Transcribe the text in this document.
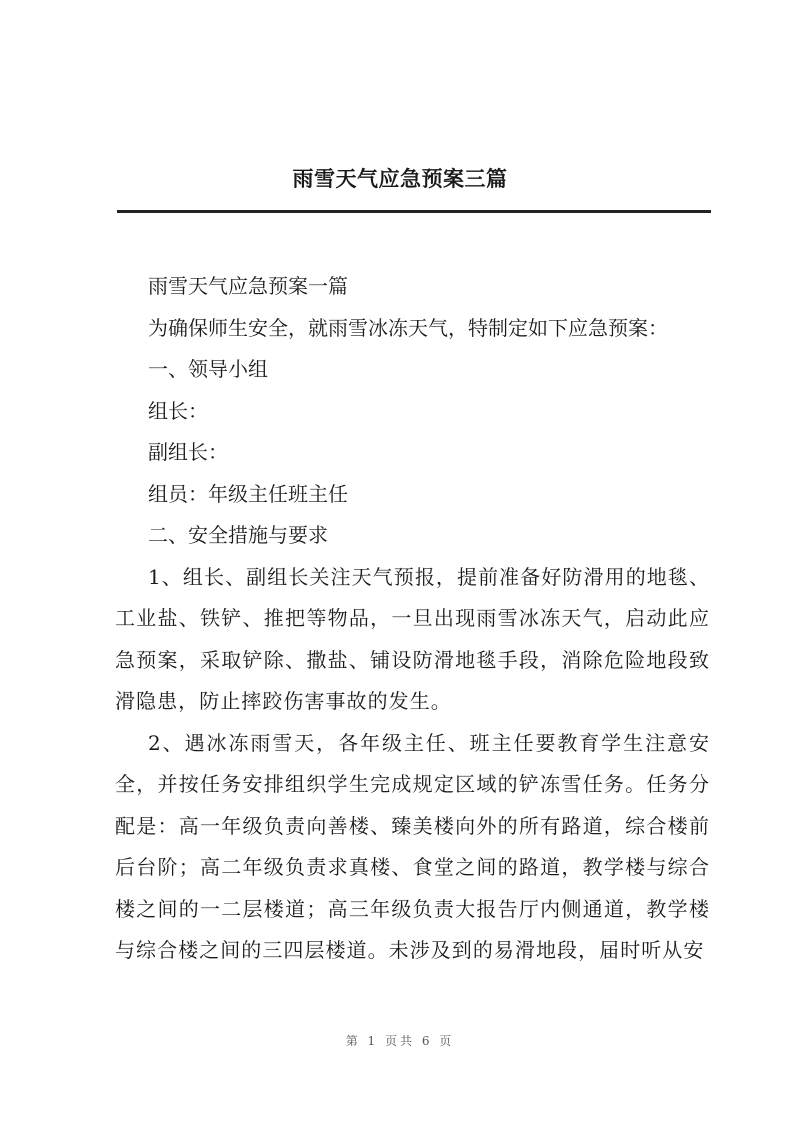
雨雪天气应急预案三篇
雨雪天气应急预案一篇
为确保师生安全，就雨雪冰冻天气，特制定如下应急预案：
一、领导小组
组长：
副组长：
组员：年级主任班主任
二、安全措施与要求

1、组长、副组长关注天气预报，提前准备好防滑用的地毯、工业盐、铁铲、推把等物品，一旦出现雨雪冰冻天气，启动此应急预案，采取铲除、撒盐、铺设防滑地毯手段，消除危险地段致滑隐患，防止摔跤伤害事故的发生。

2、遇冰冻雨雪天，各年级主任、班主任要教育学生注意安全，并按任务安排组织学生完成规定区域的铲冻雪任务。任务分配是：高一年级负责向善楼、臻美楼向外的所有路道，综合楼前后台阶；高二年级负责求真楼、食堂之间的路道，教学楼与综合楼之间的一二层楼道；高三年级负责大报告厅内侧通道，教学楼与综合楼之间的三四层楼道。未涉及到的易滑地段，届时听从安

第 1 页共 6 页
